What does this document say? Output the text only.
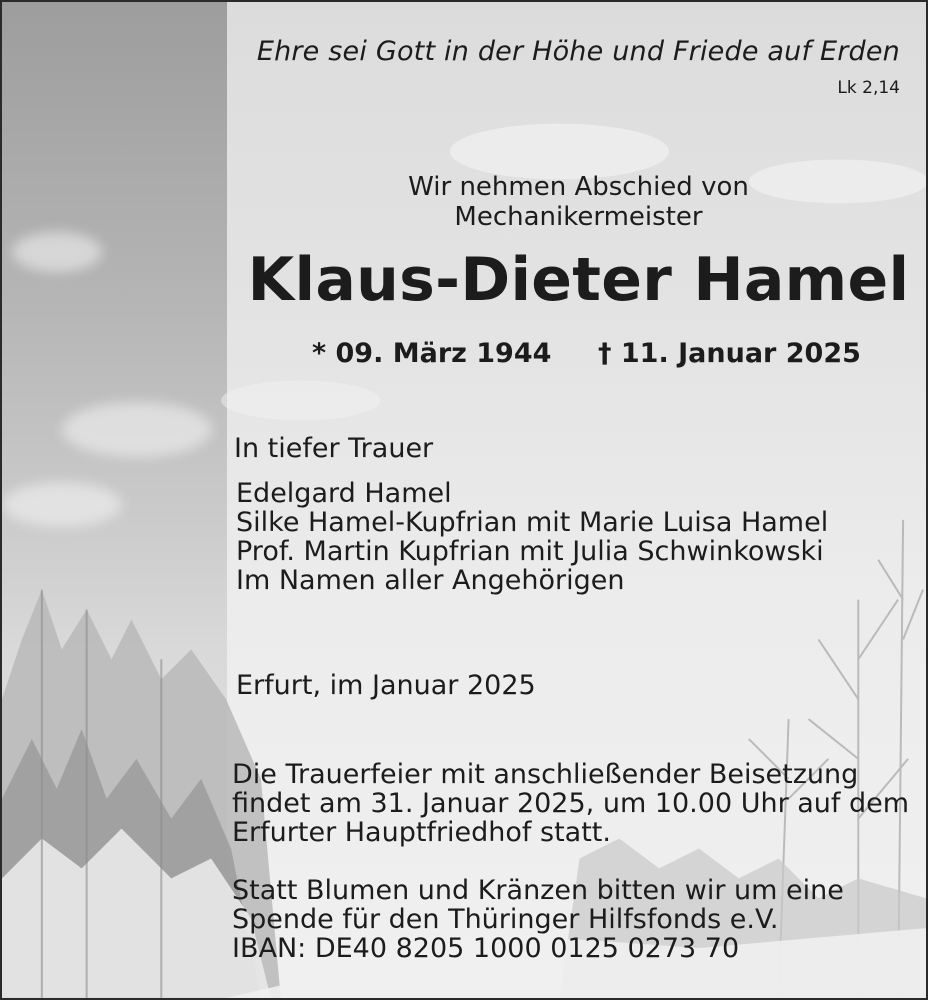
Ehre sei Gott in der Höhe und Friede auf Erden

Lk 2,14

Wir nehmen Abschied von

Mechanikermeister

Klaus-Dieter Hamel

* 09. März 1944 † 11. Januar 2025

In tiefer Trauer

Edelgard Hamel
Silke Hamel-Kupfrian mit Marie Luisa Hamel
Prof. Martin Kupfrian mit Julia Schwinkowski
Im Namen aller Angehörigen

Erfurt, im Januar 2025

Die Trauerfeier mit anschließender Beisetzung
findet am 31. Januar 2025, um 10.00 Uhr auf dem
Erfurter Hauptfriedhof statt.
Statt Blumen und Kränzen bitten wir um eine
Spende für den Thüringer Hilfsfonds e.V.
IBAN: DE40 8205 1000 0125 0273 70
